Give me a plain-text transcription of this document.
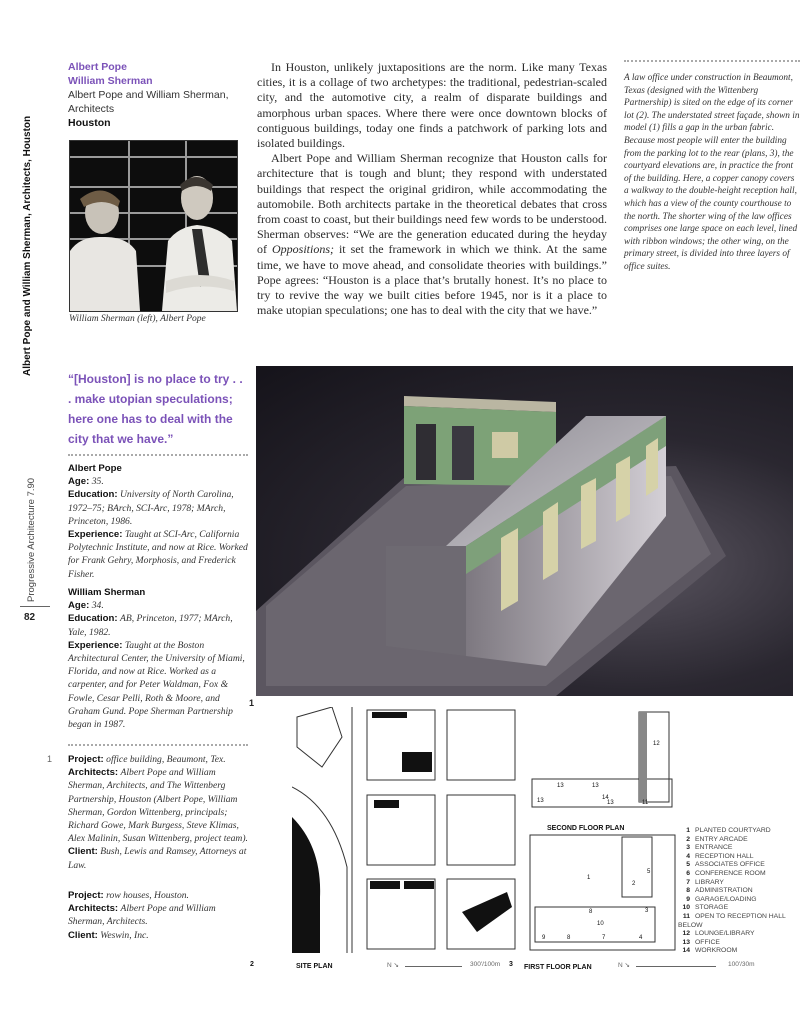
Albert Pope
William Sherman
Albert Pope and William Sherman,
Architects
Houston
William Sherman (left), Albert Pope

In Houston, unlikely juxtapositions are the norm. Like many Texas cities, it is a collage of two archetypes: the traditional, pedestrian-scaled city, and the automotive city, a realm of disparate buildings and amorphous urban spaces. Where there were once downtown blocks of contiguous buildings, today one finds a patchwork of parking lots and isolated buildings.

Albert Pope and William Sherman recognize that Houston calls for architecture that is tough and blunt; they respond with understated buildings that respect the original gridiron, while accommodating the automobile. Both architects partake in the theoretical debates that cross from coast to coast, but their buildings need few words to be understood. Sherman observes: “We are the generation educated during the heyday of Oppositions; it set the framework in which we think. At the same time, we have to move ahead, and consolidate theories with buildings.” Pope agrees: “Houston is a place that’s brutally honest. It’s no place to try to revive the way we built cities before 1945, nor is it a place to make utopian speculations; one has to deal with the city that we have.”

A law office under construction in Beaumont, Texas (designed with the Wittenberg Partnership) is sited on the edge of its corner lot (2). The understated street façade, shown in model (1) fills a gap in the urban fabric. Because most people will enter the building from the parking lot to the rear (plans, 3), the courtyard elevations are, in practice the front of the building. Here, a copper canopy covers a walkway to the double-height reception hall, which has a view of the county courthouse to the north. The shorter wing of the law offices comprises one large space on each level, lined with ribbon windows; the other wing, on the primary street, is divided into three layers of office suites.
Albert Pope and William Sherman, Architects, Houston
Progressive Architecture 7.90
82
“[Houston] is no place to try . . . make utopian speculations; here one has to deal with the city that we have.”
Albert Pope
Age: 35.
Education: University of North Carolina, 1972–75; BArch, SCI-Arc, 1978; MArch, Princeton, 1986.
Experience: Taught at SCI-Arc, California Polytechnic Institute, and now at Rice. Worked for Frank Gehry, Morphosis, and Frederick Fisher.
William Sherman
Age: 34.
Education: AB, Princeton, 1977; MArch, Yale, 1982.
Experience: Taught at the Boston Architectural Center, the University of Miami, Florida, and now at Rice. Worked as a carpenter, and for Peter Waldman, Fox & Fowle, Cesar Pelli, Roth & Moore, and Graham Gund. Pope Sherman Partnership began in 1987.
1 Project: office building, Beaumont, Tex.
Architects: Albert Pope and William Sherman, Architects, and The Wittenberg Partnership, Houston (Albert Pope, William Sherman, Gordon Wittenberg, principals; Richard Gowe, Mark Burgess, Steve Klimas, Alex Malinin, Susan Wittenberg, project team).
Client: Bush, Lewis and Ramsey, Attorneys at Law.
Project: row houses, Houston.
Architects: Albert Pope and William Sherman, Architects.
Client: Weswin, Inc.
1
12
13	13
14
13	13	11
1
2
3
4
5
7
8
8
9
10
SECOND FLOOR PLAN	1 PLANTED COURTYARD
2 ENTRY ARCADE
3 ENTRANCE
4 RECEPTION HALL
5 ASSOCIATES OFFICE
6 CONFERENCE ROOM
7 LIBRARY
8 ADMINISTRATION
9 GARAGE/LOADING
10 STORAGE
11 OPEN TO RECEPTION HALL BELOW
12 LOUNGE/LIBRARY
13 OFFICE
14 WORKROOM
2	SITE PLAN	N ↘	300'/100m 3 FIRST FLOOR PLAN	N ↘	100'/30m
